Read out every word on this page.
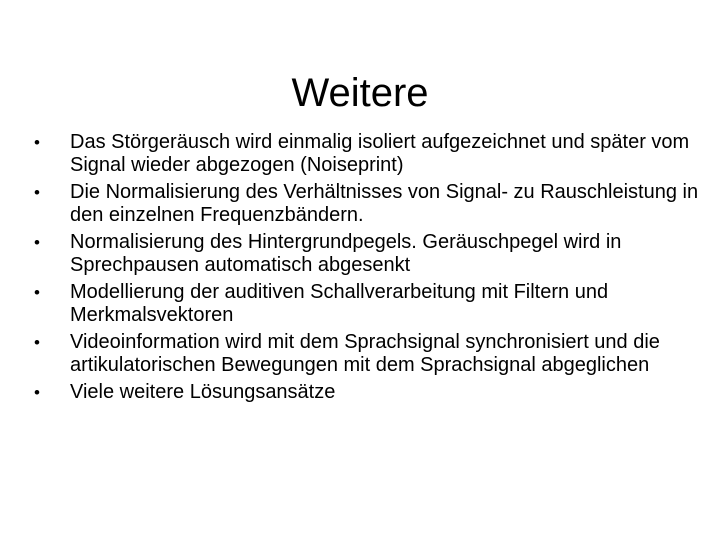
Weitere
•	Das Störgeräusch wird einmalig isoliert aufgezeichnet und später vom Signal wieder abgezogen (Noiseprint)
•	Die Normalisierung des Verhältnisses von Signal- zu Rauschleistung in den einzelnen Frequenzbändern.
•	Normalisierung des Hintergrundpegels. Geräuschpegel wird in Sprechpausen automatisch abgesenkt
•	Modellierung der auditiven Schallverarbeitung mit Filtern und Merkmalsvektoren
•	Videoinformation wird mit dem Sprachsignal synchronisiert und die artikulatorischen Bewegungen mit dem Sprachsignal abgeglichen
•	Viele weitere Lösungsansätze
